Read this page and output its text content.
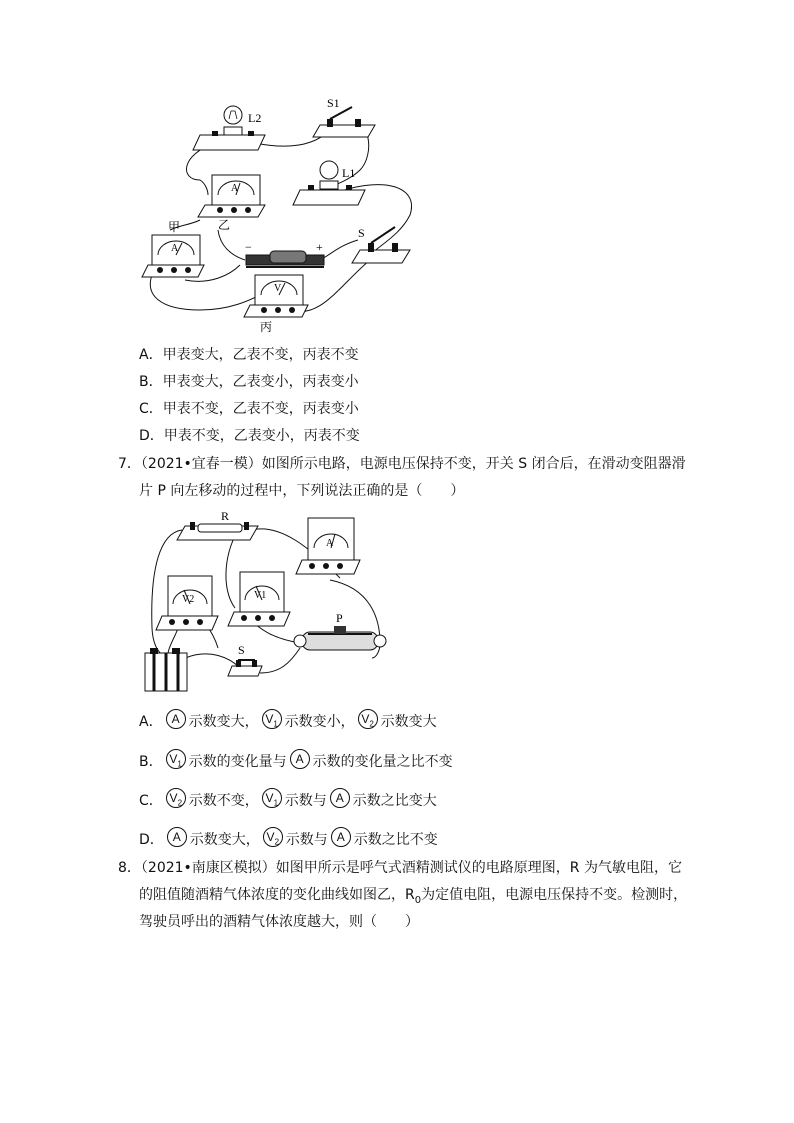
L2
S1
A
乙
L1
A
甲
−	+
S
V
丙
A．甲表变大，乙表不变，丙表不变
B．甲表变大，乙表变小，丙表变小
C．甲表不变，乙表不变，丙表变小
D．甲表不变，乙表变小，丙表不变
7．（2021•宜春一模）如图所示电路，电源电压保持不变，开关 S 闭合后，在滑动变阻器滑
片 P 向左移动的过程中，下列说法正确的是（　　）
R
A
V2	V1
P
S
A． A 示数变大， $V_1$ 示数变小， $V_2$ 示数变大
B． $V_1$ 示数的变化量与 A 示数的变化量之比不变
C． $V_2$ 示数不变， $V_1$ 示数与 A 示数之比变大
D． A 示数变大， $V_2$ 示数与 A 示数之比不变
8．（2021•南康区模拟）如图甲所示是呼气式酒精测试仪的电路原理图，R 为气敏电阻，它
的阻值随酒精气体浓度的变化曲线如图乙，$R_0$为定值电阻，电源电压保持不变。检测时，
驾驶员呼出的酒精气体浓度越大，则（　　）
